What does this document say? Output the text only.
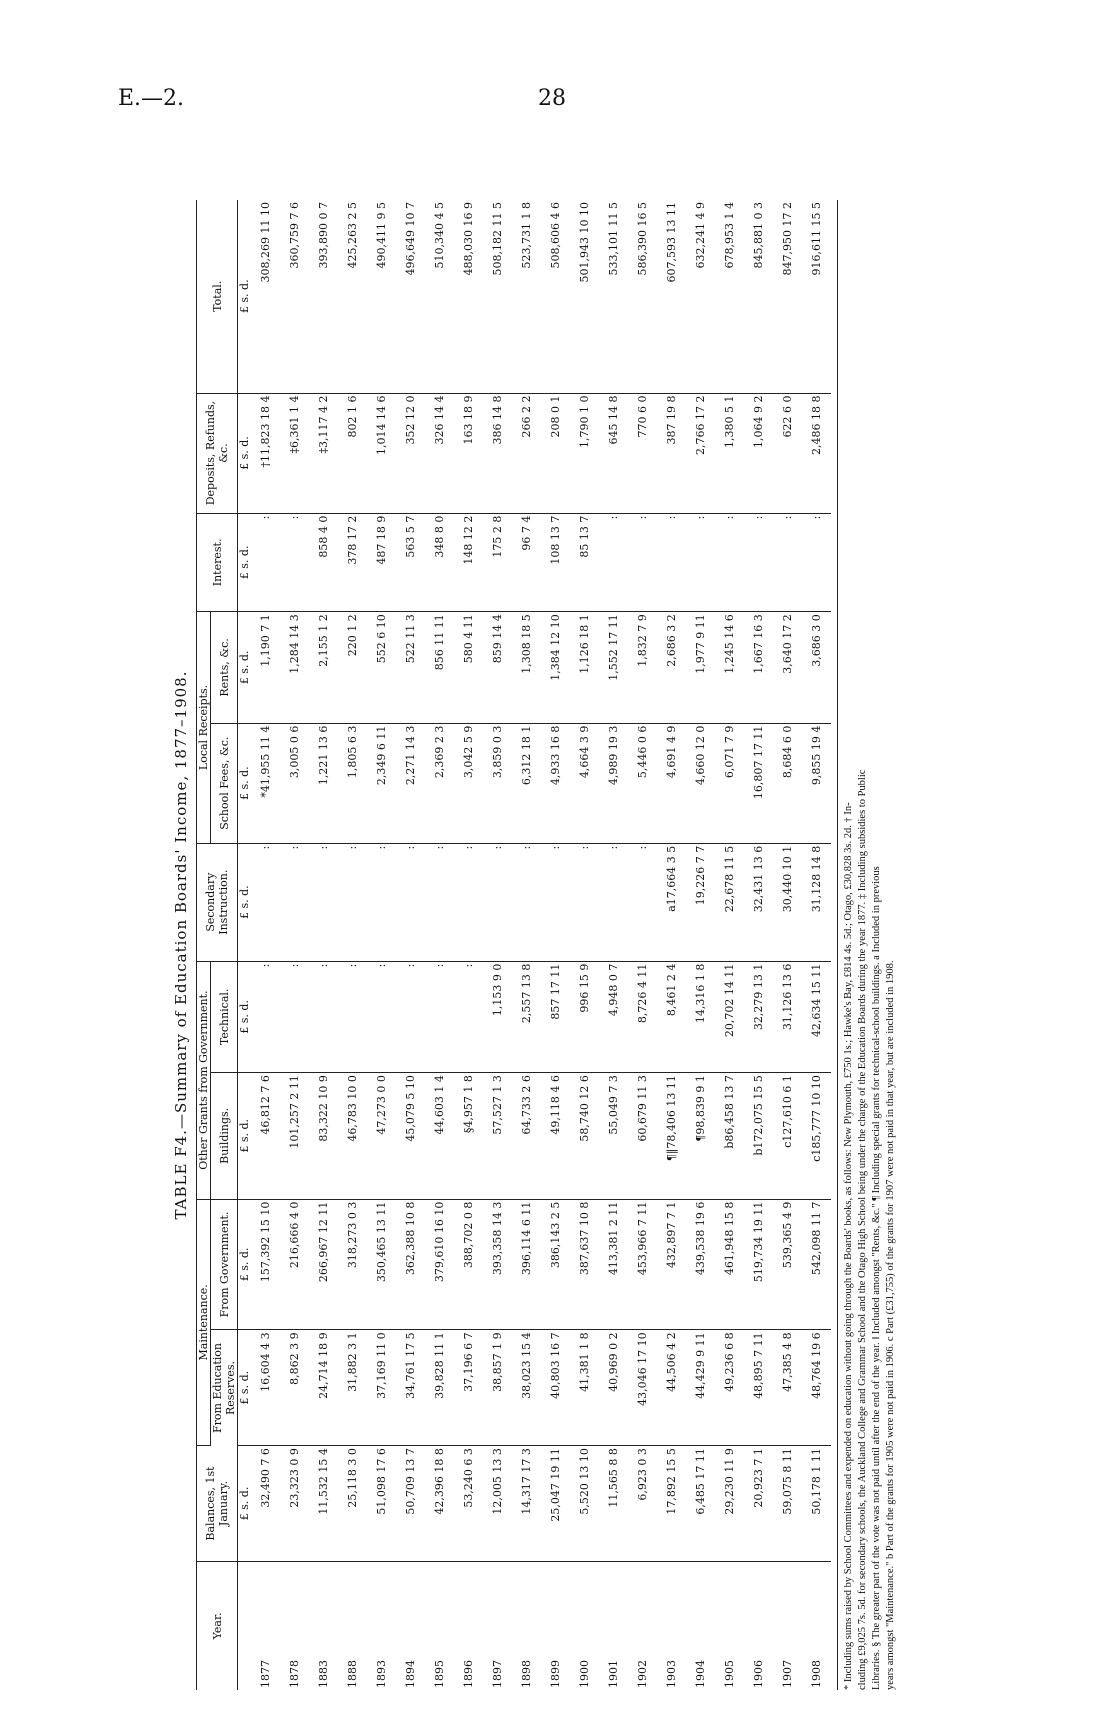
E.—2.	28
TABLE F4.—Summary of Education Boards' Income, 1877–1908.
Year.	Balances, 1st January.	Maintenance.		Other Grants from Government.		Secondary Instruction.	Local Receipts.		Interest.	Deposits, Refunds, &c.	Total.
		From Education Reserves.	From Government.	Buildings.	Technical.		School Fees, &c.	Rents, &c.			
	£ s. d.	£ s. d.	£ s. d.	£ s. d.	£ s. d.	£ s. d.	£ s. d.	£ s. d.	£ s. d.	£ s. d.	£ s. d.
1877	32,490 7 6	16,604 4 3	157,392 15 10	46,812 7 6	:	:	*41,955 11 4	1,190 7 1	:	†11,823 18 4	308,269 11 10
1878	23,323 0 9	8,862 3 9	216,666 4 0	101,257 2 11	:	:	3,005 0 6	1,284 14 3	:	‡6,361 1 4	360,759 7 6
1883	11,532 15 4	24,714 18 9	266,967 12 11	83,322 10 9	:	:	1,221 13 6	2,155 1 2	858 4 0	‡3,117 4 2	393,890 0 7
1888	25,118 3 0	31,882 3 1	318,273 0 3	46,783 10 0	:	:	1,805 6 3	220 1 2	378 17 2	802 1 6	425,263 2 5
1893	51,098 17 6	37,169 11 0	350,465 13 11	47,273 0 0	:	:	2,349 6 11	552 6 10	487 18 9	1,014 14 6	490,411 9 5
1894	50,709 13 7	34,761 17 5	362,388 10 8	45,079 5 10	:	:	2,271 14 3	522 11 3	563 5 7	352 12 0	496,649 10 7
1895	42,396 18 8	39,828 11 1	379,610 16 10	44,603 1 4	:	:	2,369 2 3	856 11 11	348 8 0	326 14 4	510,340 4 5
1896	53,240 6 3	37,196 6 7	388,702 0 8	§4,957 1 8	:	:	3,042 5 9	580 4 11	148 12 2	163 18 9	488,030 16 9
1897	12,005 13 3	38,857 1 9	393,358 14 3	57,527 1 3	1,153 9 0	:	3,859 0 3	859 14 4	175 2 8	386 14 8	508,182 11 5
1898	14,317 17 3	38,023 15 4	396,114 6 11	64,733 2 6	2,557 13 8	:	6,312 18 1	1,308 18 5	96 7 4	266 2 2	523,731 1 8
1899	25,047 19 11	40,803 16 7	386,143 2 5	49,118 4 6	857 17 11	:	4,933 16 8	1,384 12 10	108 13 7	208 0 1	508,606 4 6
1900	5,520 13 10	41,381 1 8	387,637 10 8	58,740 12 6	996 15 9	:	4,664 3 9	1,126 18 1	85 13 7	1,790 1 0	501,943 10 10
1901	11,565 8 8	40,969 0 2	413,381 2 11	55,049 7 3	4,948 0 7	:	4,989 19 3	1,552 17 11	:	645 14 8	533,101 11 5
1902	6,923 0 3	43,046 17 10	453,966 7 11	60,679 11 3	8,726 4 11	:	5,446 0 6	1,832 7 9	:	770 6 0	586,390 16 5
1903	17,892 15 5	44,506 4 2	432,897 7 1	¶‖78,406 13 11	8,461 2 4	a17,664 3 5	4,691 4 9	2,686 3 2	:	387 19 8	607,593 13 11
1904	6,485 17 11	44,429 9 11	439,538 19 6	¶98,839 9 1	14,316 1 8	19,226 7 7	4,660 12 0	1,977 9 11	:	2,766 17 2	632,241 4 9
1905	29,230 11 9	49,236 6 8	461,948 15 8	b86,458 13 7	20,702 14 11	22,678 11 5	6,071 7 9	1,245 14 6	:	1,380 5 1	678,953 1 4
1906	20,923 7 1	48,895 7 11	519,734 19 11	b172,075 15 5	32,279 13 1	32,431 13 6	16,807 17 11	1,667 16 3	:	1,064 9 2	845,881 0 3
1907	59,075 8 11	47,385 4 8	539,365 4 9	c127,610 6 1	31,126 13 6	30,440 10 1	8,684 6 0	3,640 17 2	:	622 6 0	847,950 17 2
1908	50,178 1 11	48,764 19 6	542,098 11 7	c185,777 10 10	42,634 15 11	31,128 14 8	9,855 19 4	3,686 3 0	:	2,486 18 8	916,611 15 5
* Including sums raised by School Committees and expended on education without going through the Boards' books, as follows: New Plymouth, £750 1s.; Hawke's Bay, £814 4s. 5d.; Otago, £30,828 3s. 2d. † In- cluding £9,025 7s. 5d. for secondary schools, the Auckland College and Grammar School and the Otago High School being under the charge of the Education Boards during the year 1877. ‡ Including subsidies to Public Libraries. § The greater part of the vote was not paid until after the end of the year. ‖ Included amongst "Rents, &c." ¶ Including special grants for technical-school buildings. a Included in previous years amongst "Maintenance." b Part of the grants for 1905 were not paid in 1906. c Part (£31,755) of the grants for 1907 were not paid in that year, but are included in 1908.
